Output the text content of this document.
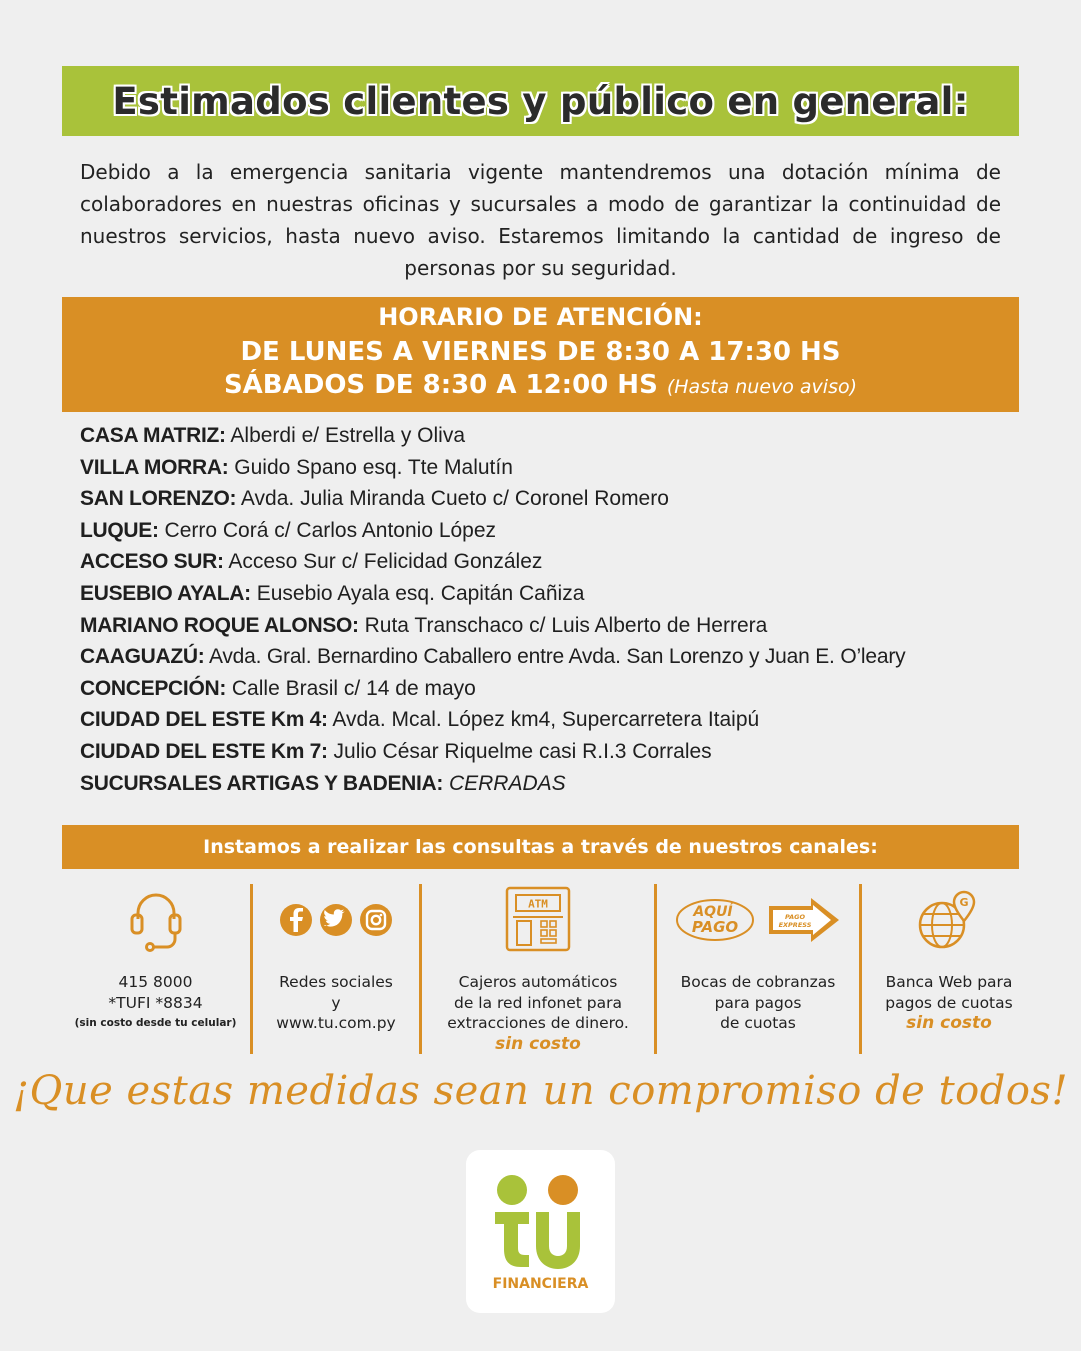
Estimados clientes y público en general:
Debido a la emergencia sanitaria vigente mantendremos una dotación mínima de colaboradores en nuestras oficinas y sucursales a modo de garantizar la continuidad de nuestros servicios, hasta nuevo aviso. Estaremos limitando la cantidad de ingreso de personas por su seguridad.
HORARIO DE ATENCIÓN:
DE LUNES A VIERNES DE 8:30 A 17:30 HS
SÁBADOS DE 8:30 A 12:00 HS (Hasta nuevo aviso)
CASA MATRIZ: Alberdi e/ Estrella y Oliva
VILLA MORRA: Guido Spano esq. Tte Malutín
SAN LORENZO: Avda. Julia Miranda Cueto c/ Coronel Romero
LUQUE: Cerro Corá c/ Carlos Antonio López
ACCESO SUR: Acceso Sur c/ Felicidad González
EUSEBIO AYALA: Eusebio Ayala esq. Capitán Cañiza
MARIANO ROQUE ALONSO: Ruta Transchaco c/ Luis Alberto de Herrera
CAAGUAZÚ: Avda. Gral. Bernardino Caballero entre Avda. San Lorenzo y Juan E. O’leary
CONCEPCIÓN: Calle Brasil c/ 14 de mayo
CIUDAD DEL ESTE Km 4: Avda. Mcal. López km4, Supercarretera Itaipú
CIUDAD DEL ESTE Km 7: Julio César Riquelme casi R.I.3 Corrales
SUCURSALES ARTIGAS Y BADENIA: CERRADAS
Instamos a realizar las consultas a través de nuestros canales:
415 8000
*TUFI *8834
(sin costo desde tu celular)
Redes sociales
y
www.tu.com.py
ATM
Cajeros automáticos
de la red infonet para
extracciones de dinero.
sin costo
AQUÍ
PAGO
PAGO
EXPRESS
Bocas de cobranzas
para pagos
de cuotas
G
Banca Web para
pagos de cuotas
sin costo
¡Que estas medidas sean un compromiso de todos!
FINANCIERA
